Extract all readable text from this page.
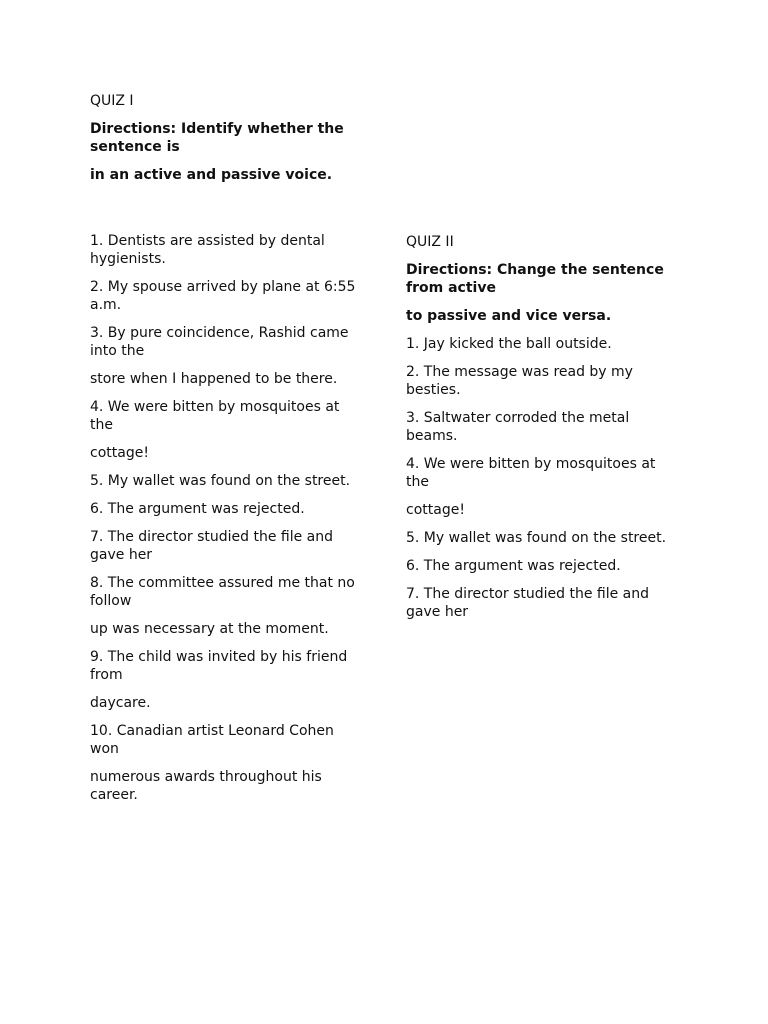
QUIZ I

Directions: Identify whether the sentence is

in an active and passive voice.

1. Dentists are assisted by dental hygienists.

2. My spouse arrived by plane at 6:55 a.m.

3. By pure coincidence, Rashid came into the

store when I happened to be there.

4. We were bitten by mosquitoes at the

cottage!

5. My wallet was found on the street.

6. The argument was rejected.

7. The director studied the file and gave her

8. The committee assured me that no follow

up was necessary at the moment.

9. The child was invited by his friend from

daycare.

10. Canadian artist Leonard Cohen won

numerous awards throughout his career.

QUIZ II

Directions: Change the sentence from active

to passive and vice versa.

1. Jay kicked the ball outside.

2. The message was read by my besties.

3. Saltwater corroded the metal beams.

4. We were bitten by mosquitoes at the

cottage!

5. My wallet was found on the street.

6. The argument was rejected.

7. The director studied the file and gave her
